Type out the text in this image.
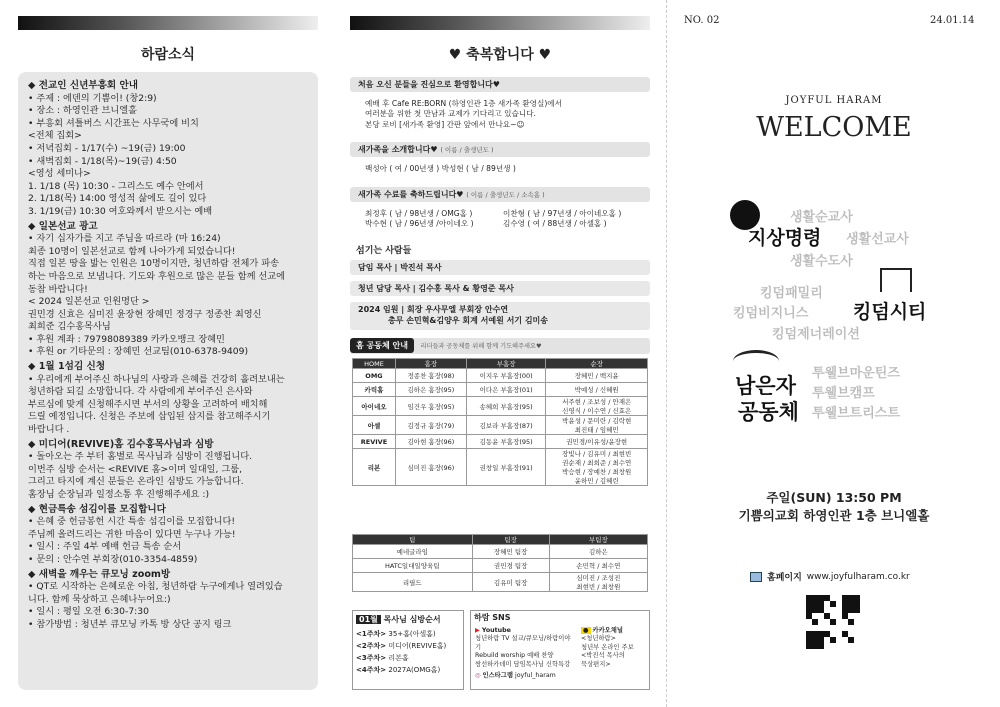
하람소식
◆ 전교인 신년부흥회 안내
• 주제 : 에덴의 기쁨이! (창2:9)
• 장소 : 하영인관 브니엘홀
• 부흥회 셔틀버스 시간표는 사무국에 비치
<전체 집회>
• 저녁집회 - 1/17(수) ~19(금) 19:00
• 새벽집회 - 1/18(목)~19(금) 4:50
<영성 세미나>
1. 1/18 (목) 10:30 - 그리스도 예수 안에서
2. 1/18(목) 14:00 영성적 삶에도 길이 있다
3. 1/19(금) 10:30 여호와께서 받으시는 예배
◆ 일본선교 광고
• 자기 십자가를 지고 주님을 따르라 (마 16:24)
최종 10명이 일본선교로 함께 나아가게 되었습니다!
직접 일본 땅을 밟는 인원은 10명이지만, 청년하람 전체가 파송
하는 마음으로 보냅니다. 기도와 후원으로 많은 분들 함께 선교에
동참 바랍니다!
< 2024 일본선교 인원명단 >
권민경 신효은 심미진 윤장현 장혜민 정경구 정종찬 최영신
최희준 김수홍목사님
• 후원 계좌 : 79798089389 카카오뱅크 장혜민
• 후원 or 기타문의 : 장혜민 선교팀(010-6378-9409)
◆ 1월 1섬김 신청
• 우리에게 부어주신 하나님의 사랑과 은혜를 건강히 흘려보내는
청년하람 되길 소망합니다. 각 사람에게 부어주신 은사와
부르심에 맞게 신청해주시면 부서의 상황을 고려하여 배치해
드릴 예정입니다. 신청은 주보에 삽입된 삽지를 참고해주시기
바랍니다 .
◆ 미디어(REVIVE)홈 김수홍목사님과 심방
• 돌아오는 주 부터 홈별로 목사님과 심방이 진행됩니다.
이번주 심방 순서는 <REVIVE 홈>이며 일대일, 그룹,
그리고 타지에 계신 분들은 온라인 심방도 가능합니다.
홈장님 순장님과 일정소통 후 진행해주세요 :)
◆ 현금특송 섬김이를 모집합니다
• 은혜 중 헌금봉헌 시간 특송 섬김이를 모집합니다!
주님께 올려드리는 귀한 마음이 있다면 누구나 가능!
• 일시 : 주일 4부 예배 헌금 특송 순서
• 문의 : 안수연 부회장(010-3354-4859)
◆ 새벽을 깨우는 큐모닝 zoom방
• QT로 시작하는 은혜로운 아침, 청년하람 누구에게나 열려있습
니다. 함께 묵상하고 은혜나누어요:)
• 일시 : 평일 오전 6:30-7:30
• 참가방법 : 청년부 큐모닝 카톡 방 상단 공지 링크
♥ 축복합니다 ♥
처음 오신 분들을 진심으로 환영합니다♥
예배 후 Cafe RE:BORN (하영인관 1층 새가족 환영실)에서
여러분을 위한 첫 만남과 교제가 기다리고 있습니다.
본당 로비 [새가족 환영] 간판 앞에서 만나요~☺
새가족을 소개합니다♥ ( 이름 / 출생년도 )
백성아 ( 여 / 00년생 ) 박성현 ( 남 / 89년생 )
새가족 수료를 축하드립니다♥ ( 이름 / 출생년도 / 소속홈 )
최정후 ( 남 / 98년생 / OMG홈 )	이찬형 ( 남 / 97년생 / 아이네오홈 )
박수현 ( 남 / 96년생 /아이네오 )	김수영 ( 여 / 88년생 / 아셀홈 )
섬기는 사람들
담임 목사 | 박진석 목사
청년 담당 목사 | 김수홍 목사 & 황영준 목사
2024 임원 | 회장 우사무엘 부회장 안수연
총무 손민혁&김양우 회계 서예원 서기 김미송
홈 공동체 안내 리더들과 공동체를 위해 함께 기도해주세요♥
HOME	홈장	부홈장	순장
OMG	정종찬 홈장(98)	이지우 부홈장(00)	장혜민 / 백지윤
카릭홈	김하은 홈장(95)	이다은 부홈장(01)	박예성 / 신혜원
아이네오	임건우 홈장(95)	송혜희 부홈장(95)	서주현 / 조보성 / 안재은
신영식 / 이수연 / 신효은
아셀	김정규 홈장(79)	김보라 부홈장(87)	박윤성 / 문미란 / 김락현
최진태 / 임혜민
REVIVE	김아현 홈장(96)	김동윤 부홈장(95)	권민경/이유성/윤장현
리본	심미진 홈장(96)	권창일 부홈장(91)	장빛나 / 김유미 / 최현빈
권순재 / 최희준 / 최수연
박승현 / 장예찬 / 최창원
윤하민 / 김혜린
팀	팀장	부팀장
예네글라임	장혜민 팀장	김하은
HATC일대일양육팀	권민경 팀장	손민혁 / 최수연
리필드	김유미 팀장	심미진 / 조성진
최현빈 / 최창원
01월 목사님 심방순서
<1주차> 35+홈(아셀홈)
<2주차> 미디어(REVIVE홈)
<3주차> 리본홈
<4주차> 2027A(OMG홈)
하람 SNS
▶ Youtube
청년하람 TV 설교/큐모닝/하람이야기
Rebuild worship 예배 찬양
쌍선하카데미 담임목사님 신학특강
◎ 인스타그램 joyful_haram
● 카카오채널
<청년하람>
청년부 온라인 주보
<박진석 목사의
묵상편지>
NO. 02	24.01.14
JOYFUL HARAM
WELCOME
생활순교사
지상명령 생활선교사
생활수도사
킹덤패밀리
킹덤비지니스 킹덤시티
킹덤제너레이션
투웰브마운틴즈
남은자 투웰브캠프
공동체 투웰브트리스트
주일(SUN) 13:50 PM
기쁨의교회 하영인관 1층 브니엘홀
홈페이지 www.joyfulharam.co.kr
